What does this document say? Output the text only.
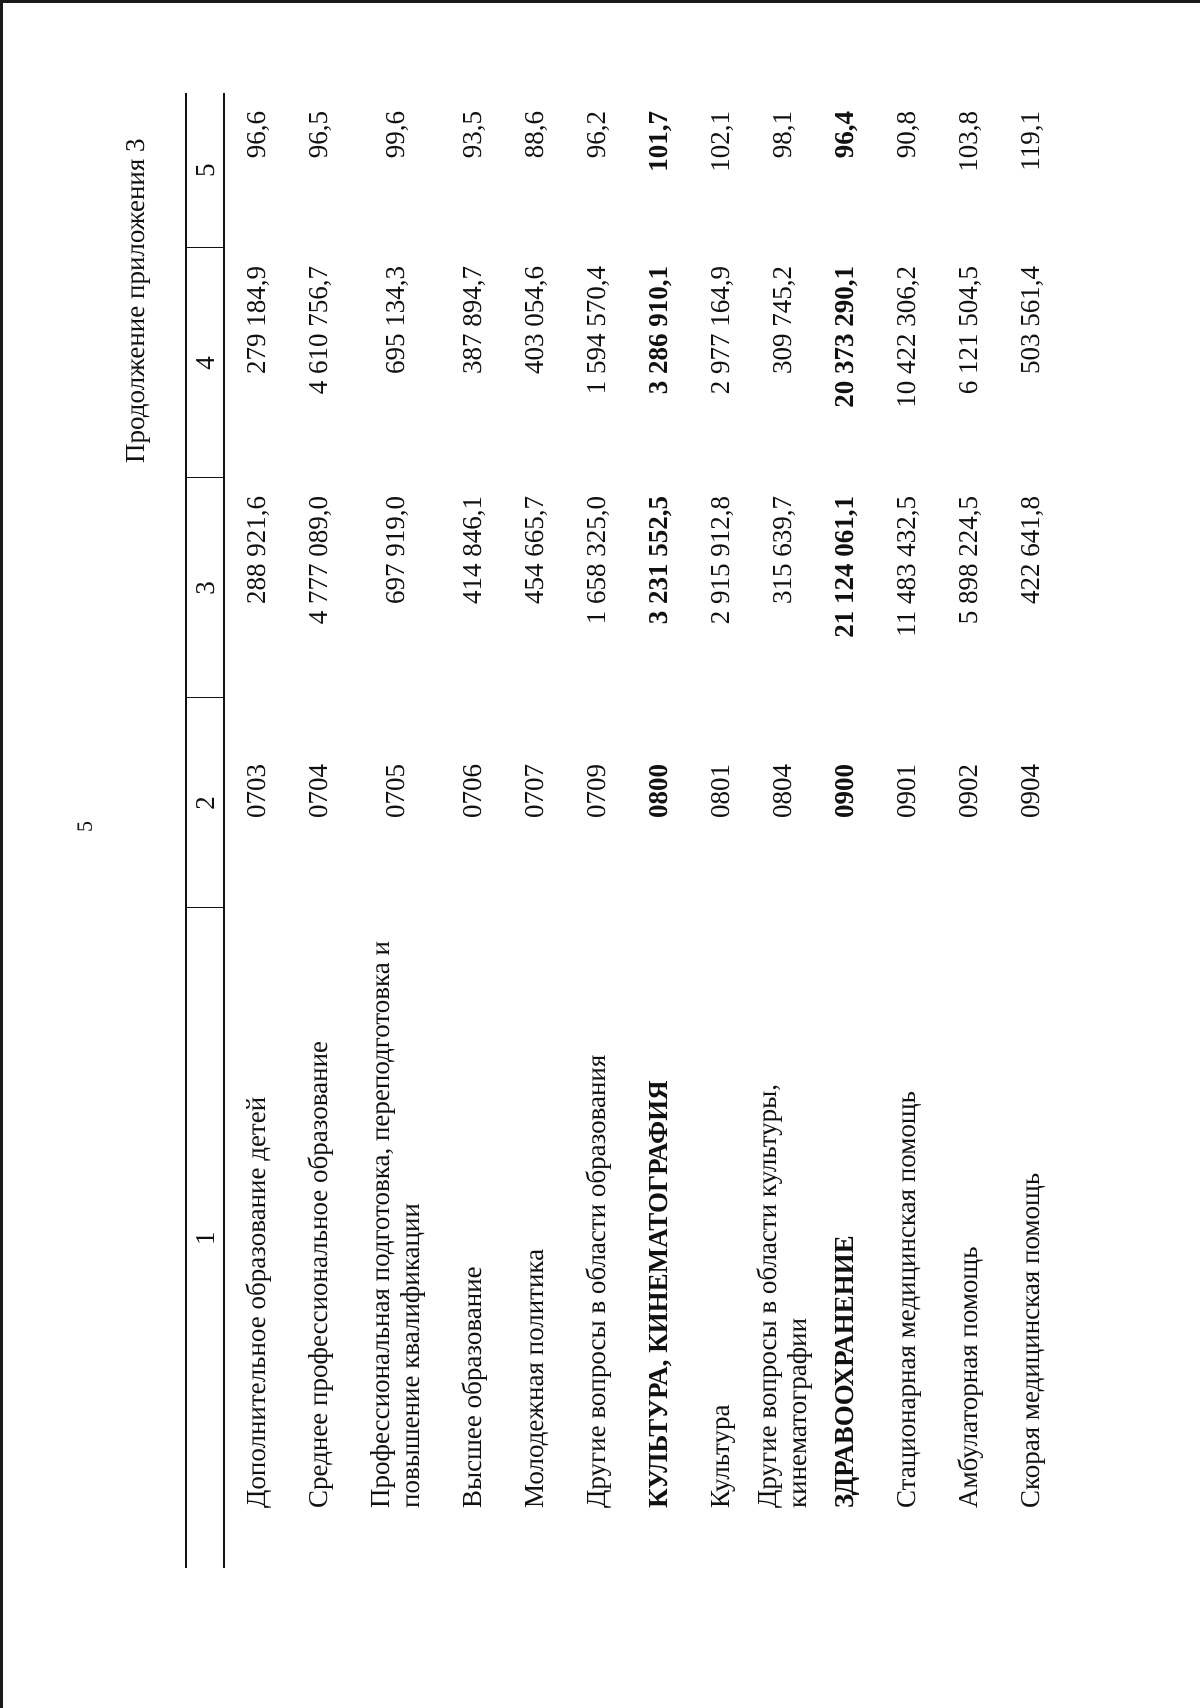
5
Продолжение приложения 3
1	2	3	4	5
Дополнительное образование детей	0703	288 921,6	279 184,9	96,6
Среднее профессиональное образование	0704	4 777 089,0	4 610 756,7	96,5
Профессиональная подготовка, переподготовка и повышение квалификации	0705	697 919,0	695 134,3	99,6
Высшее образование	0706	414 846,1	387 894,7	93,5
Молодежная политика	0707	454 665,7	403 054,6	88,6
Другие вопросы в области образования	0709	1 658 325,0	1 594 570,4	96,2
КУЛЬТУРА, КИНЕМАТОГРАФИЯ	0800	3 231 552,5	3 286 910,1	101,7
Культура	0801	2 915 912,8	2 977 164,9	102,1
Другие вопросы в области культуры, кинематографии	0804	315 639,7	309 745,2	98,1
ЗДРАВООХРАНЕНИЕ	0900	21 124 061,1	20 373 290,1	96,4
Стационарная медицинская помощь	0901	11 483 432,5	10 422 306,2	90,8
Амбулаторная помощь	0902	5 898 224,5	6 121 504,5	103,8
Скорая медицинская помощь	0904	422 641,8	503 561,4	119,1
